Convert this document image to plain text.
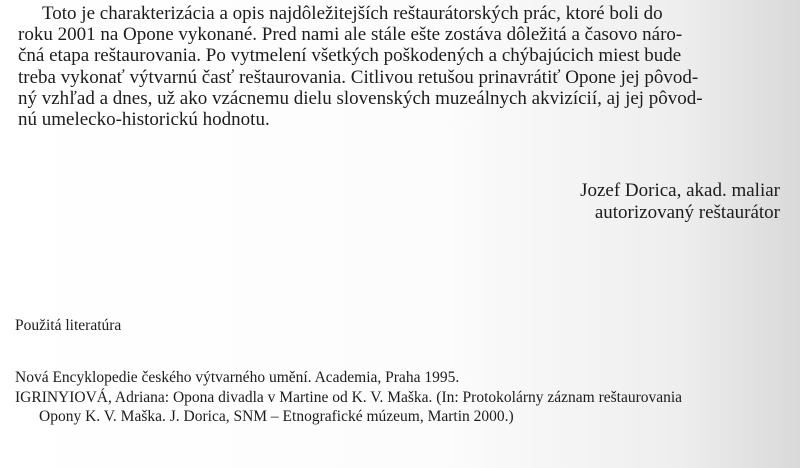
Toto je charakterizácia a opis najdôležitejších reštaurátorských prác, ktoré boli do
roku 2001 na Opone vykonané. Pred nami ale stále ešte zostáva dôležitá a časovo náro-
čná etapa reštaurovania. Po vytmelení všetkých poškodených a chýbajúcich miest bude
treba vykonať výtvarnú časť reštaurovania. Citlivou retušou prinavrátiť Opone jej pôvod-
ný vzhľad a dnes, už ako vzácnemu dielu slovenských muzeálnych akvizícií, aj jej pôvod-
nú umelecko-historickú hodnotu.
Jozef Dorica, akad. maliar
autorizovaný reštaurátor
Použitá literatúra
Nová Encyklopedie českého výtvarného umění. Academia, Praha 1995.
IGRINYIOVÁ, Adriana: Opona divadla v Martine od K. V. Maška. (In: Protokolárny záznam reštaurovania
Opony K. V. Maška. J. Dorica, SNM – Etnografické múzeum, Martin 2000.)
